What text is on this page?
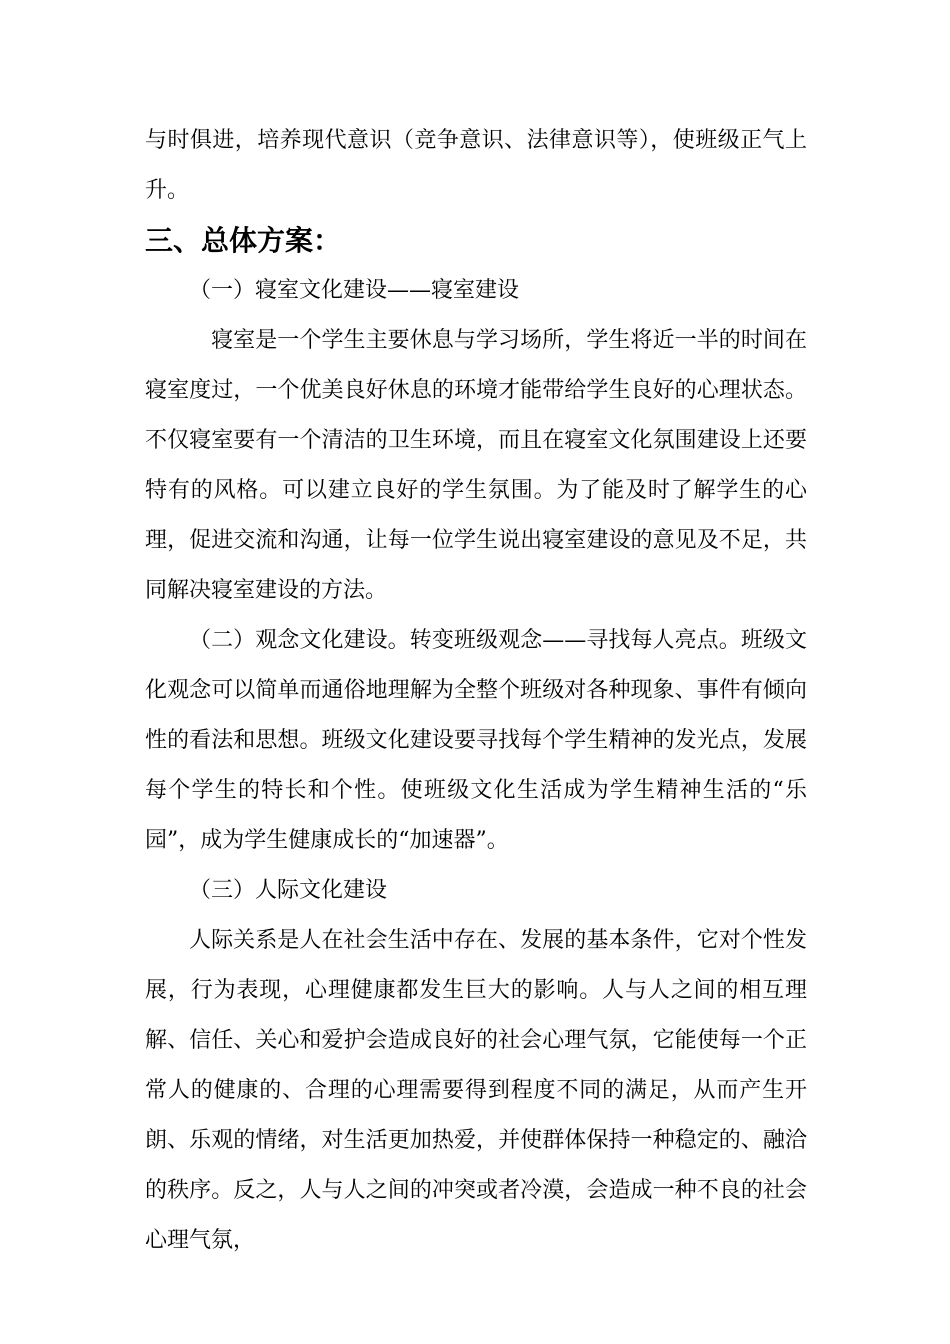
与时俱进，培养现代意识（竞争意识、法律意识等），使班级正气上升。

三、总体方案：

（一）寝室文化建设——寝室建设

　寝室是一个学生主要休息与学习场所，学生将近一半的时间在寝室度过，一个优美良好休息的环境才能带给学生良好的心理状态。不仅寝室要有一个清洁的卫生环境，而且在寝室文化氛围建设上还要特有的风格。可以建立良好的学生氛围。为了能及时了解学生的心理，促进交流和沟通，让每一位学生说出寝室建设的意见及不足，共同解决寝室建设的方法。

（二）观念文化建设。转变班级观念——寻找每人亮点。班级文化观念可以简单而通俗地理解为全整个班级对各种现象、事件有倾向性的看法和思想。班级文化建设要寻找每个学生精神的发光点，发展每个学生的特长和个性。使班级文化生活成为学生精神生活的“乐园”，成为学生健康成长的“加速器”。

（三）人际文化建设

人际关系是人在社会生活中存在、发展的基本条件，它对个性发展，行为表现，心理健康都发生巨大的影响。人与人之间的相互理解、信任、关心和爱护会造成良好的社会心理气氛，它能使每一个正常人的健康的、合理的心理需要得到程度不同的满足，从而产生开朗、乐观的情绪，对生活更加热爱，并使群体保持一种稳定的、融洽的秩序。反之，人与人之间的冲突或者冷漠，会造成一种不良的社会心理气氛，
